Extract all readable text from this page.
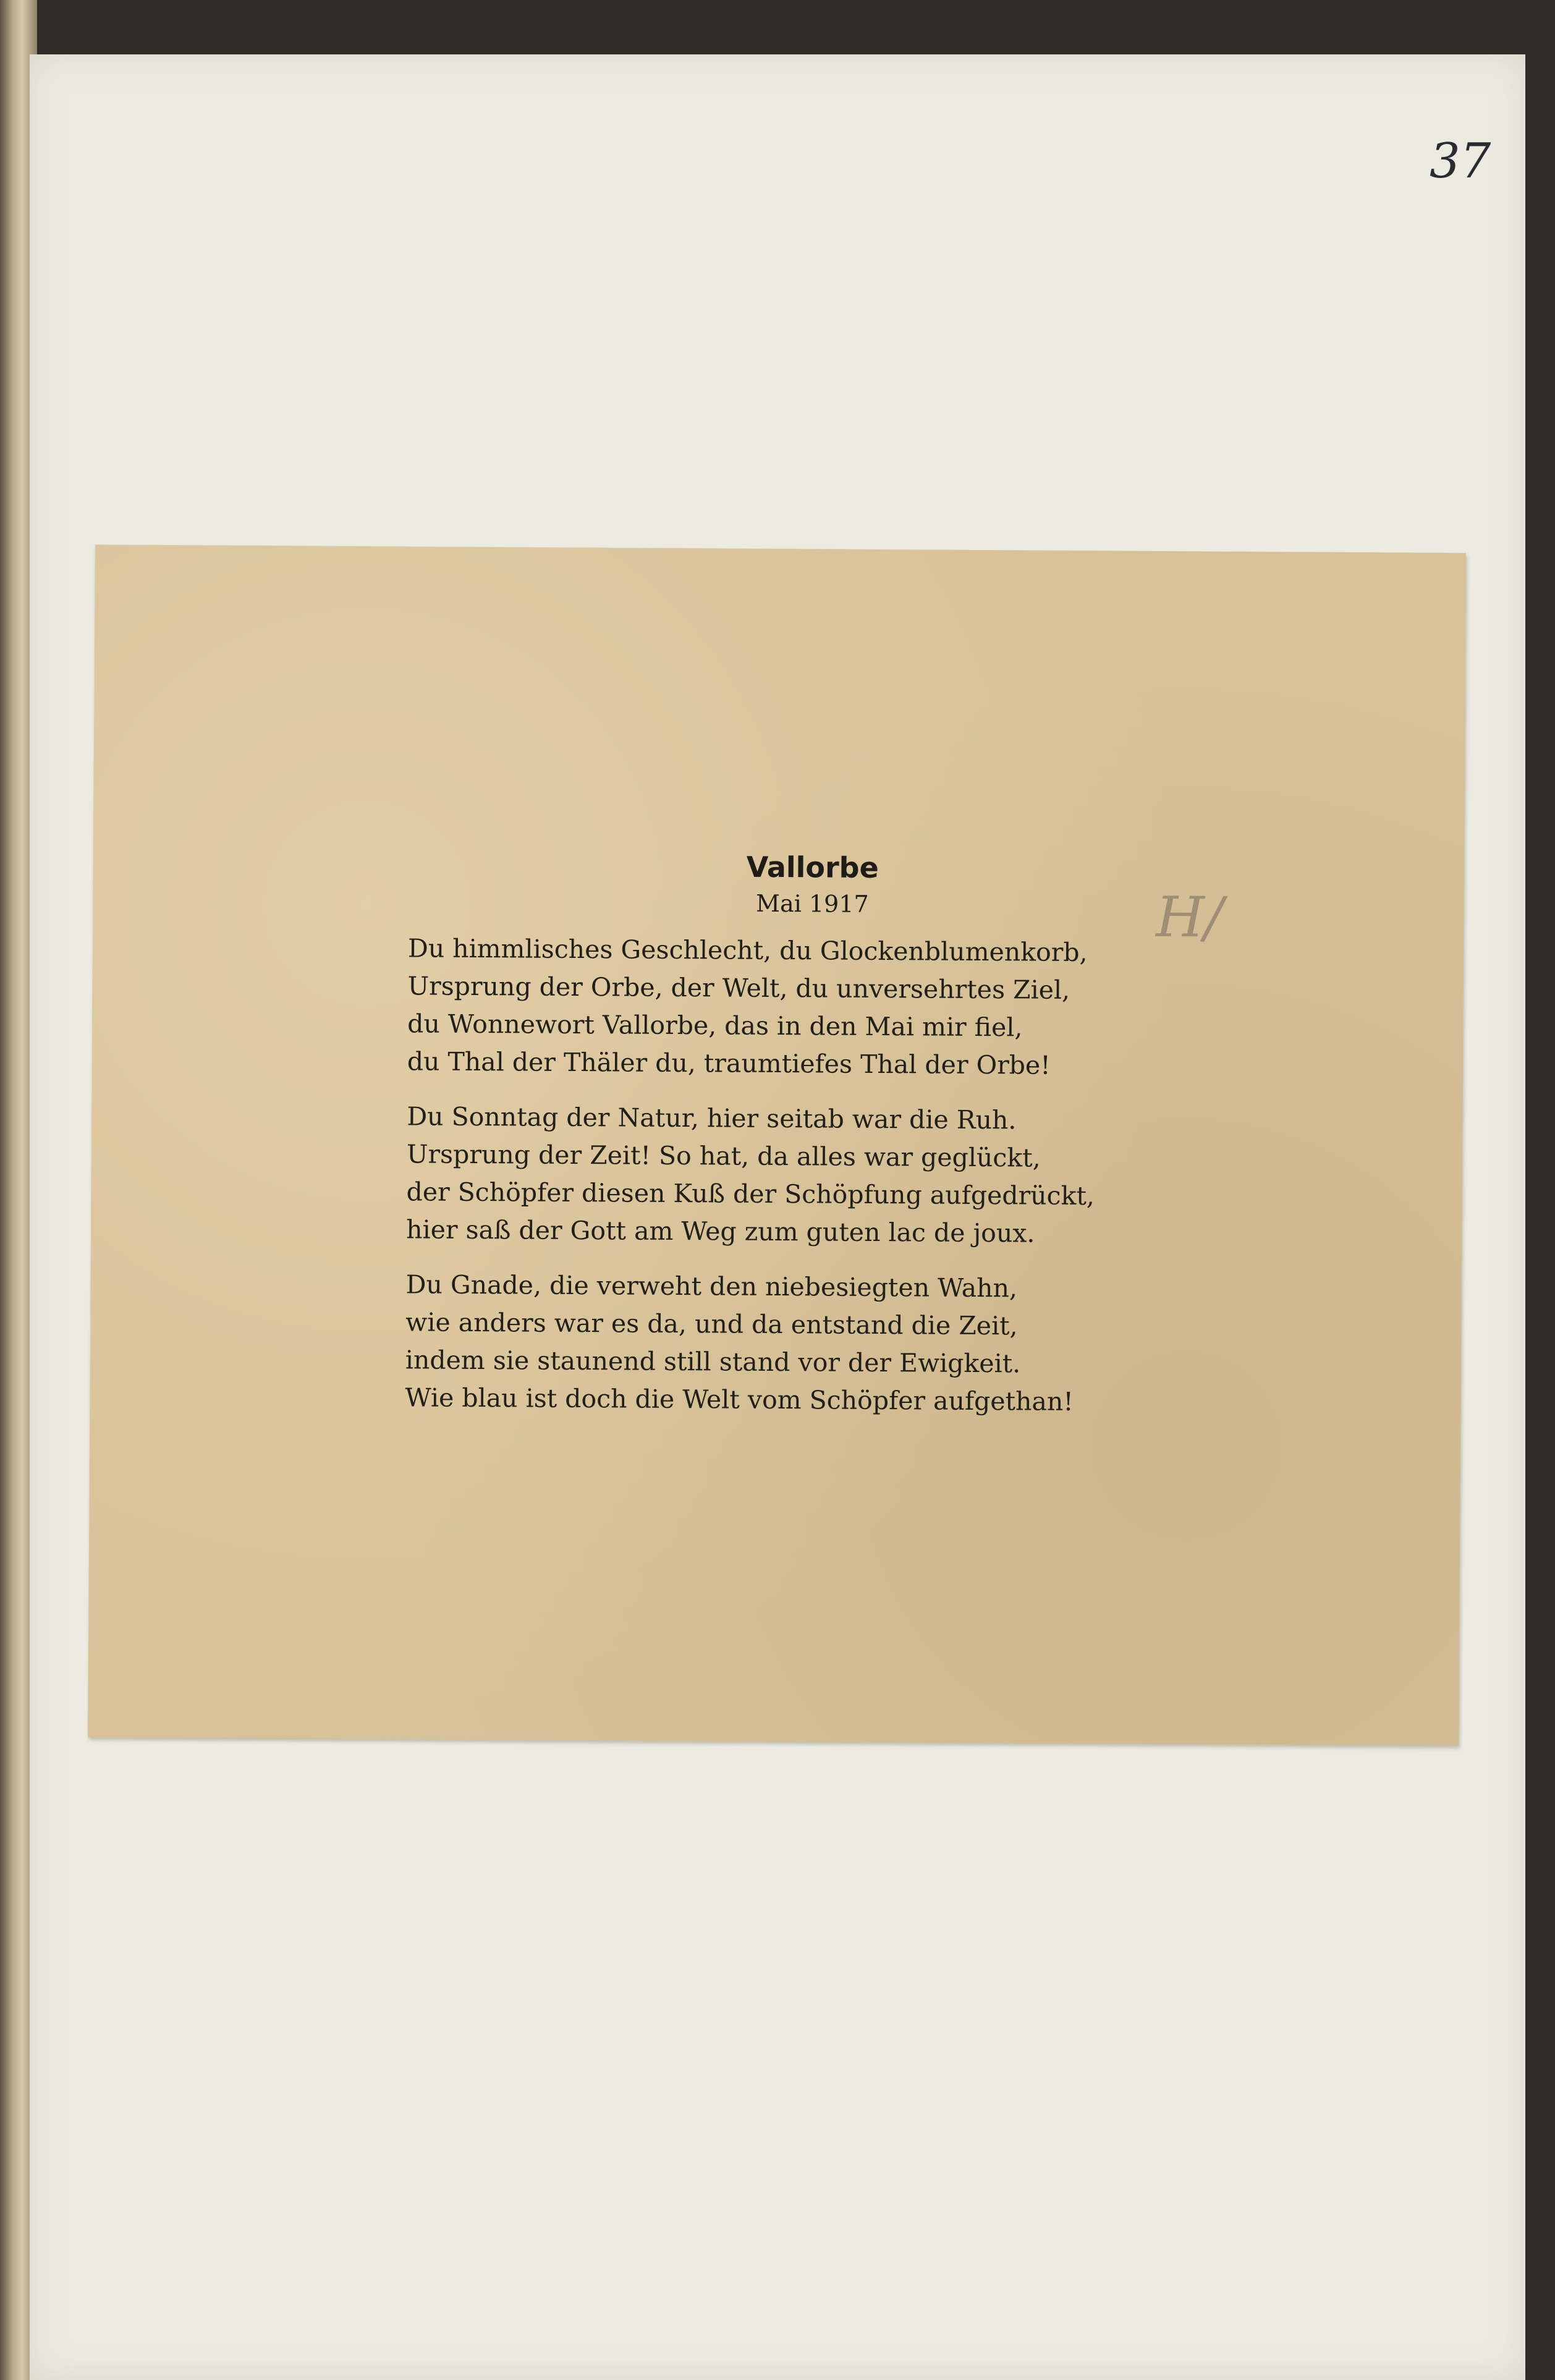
37
Vallorbe
Mai 1917	H/
Du himmlisches Geschlecht, du Glockenblumenkorb,
Ursprung der Orbe, der Welt, du unversehrtes Ziel,
du Wonnewort Vallorbe, das in den Mai mir fiel,
du Thal der Thäler du, traumtiefes Thal der Orbe!
Du Sonntag der Natur, hier seitab war die Ruh.
Ursprung der Zeit! So hat, da alles war geglückt,
der Schöpfer diesen Kuß der Schöpfung aufgedrückt,
hier saß der Gott am Weg zum guten lac de joux.
Du Gnade, die verweht den niebesiegten Wahn,
wie anders war es da, und da entstand die Zeit,
indem sie staunend still stand vor der Ewigkeit.
Wie blau ist doch die Welt vom Schöpfer aufgethan!
